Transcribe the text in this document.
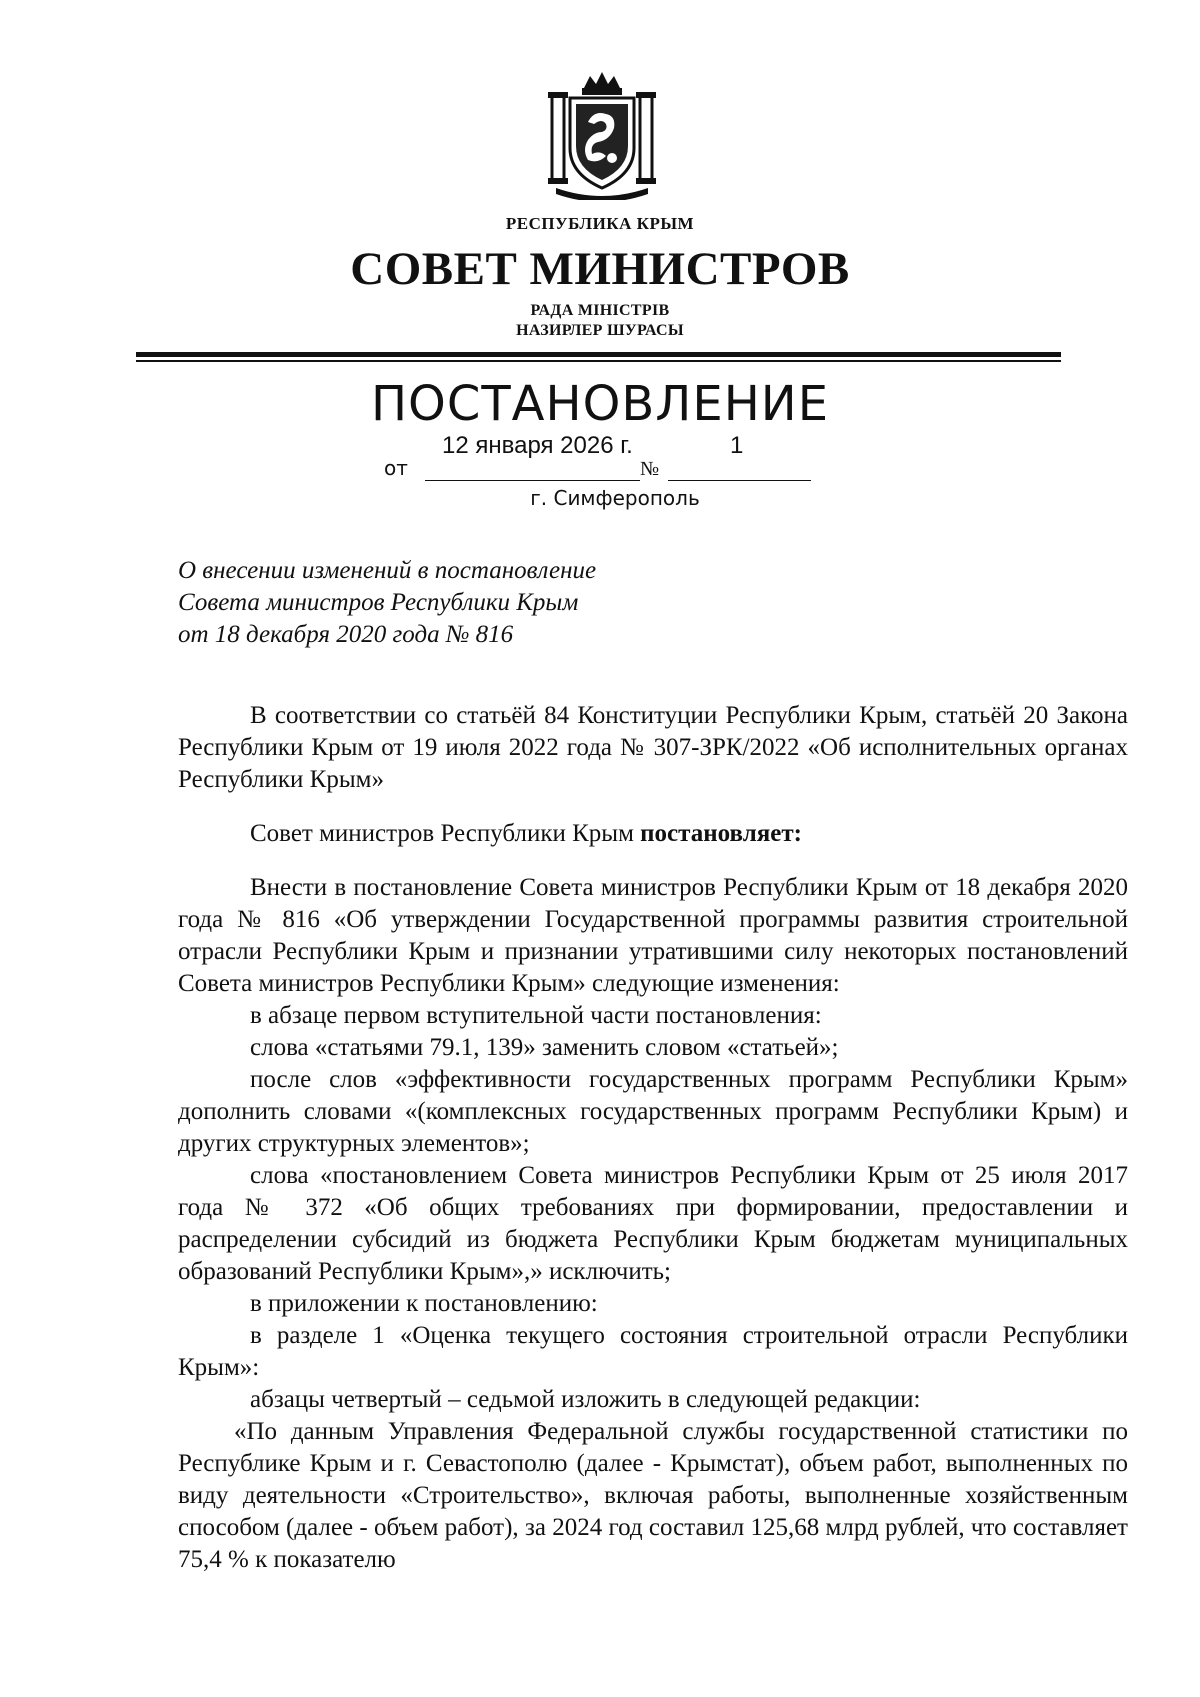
РЕСПУБЛИКА КРЫМ
СОВЕТ МИНИСТРОВ
РАДА МІНІСТРІВ
НАЗИРЛЕР ШУРАСЫ
ПОСТАНОВЛЕНИЕ
12 января 2026 г.	1
от	№
г. Симферополь
О внесении изменений в постановление
Совета министров Республики Крым
от 18 декабря 2020 года № 816

В соответствии со статьёй 84 Конституции Республики Крым, статьёй 20 Закона Республики Крым от 19 июля 2022 года № 307-ЗРК/2022 «Об исполнительных органах Республики Крым»

Совет министров Республики Крым постановляет:

Внести в постановление Совета министров Республики Крым от 18 декабря 2020 года № 816 «Об утверждении Государственной программы развития строительной отрасли Республики Крым и признании утратившими силу некоторых постановлений Совета министров Республики Крым» следующие изменения:

в абзаце первом вступительной части постановления:

слова «статьями 79.1, 139» заменить словом «статьей»;

после слов «эффективности государственных программ Республики Крым» дополнить словами «(комплексных государственных программ Республики Крым) и других структурных элементов»;

слова «постановлением Совета министров Республики Крым от 25 июля 2017 года № 372 «Об общих требованиях при формировании, предоставлении и распределении субсидий из бюджета Республики Крым бюджетам муниципальных образований Республики Крым»,» исключить;

в приложении к постановлению:

в разделе 1 «Оценка текущего состояния строительной отрасли Республики Крым»:

абзацы четвертый – седьмой изложить в следующей редакции:

«По данным Управления Федеральной службы государственной статистики по Республике Крым и г. Севастополю (далее - Крымстат), объем работ, выполненных по виду деятельности «Строительство», включая работы, выполненные хозяйственным способом (далее - объем работ), за 2024 год составил 125,68 млрд рублей, что составляет 75,4 % к показателю
